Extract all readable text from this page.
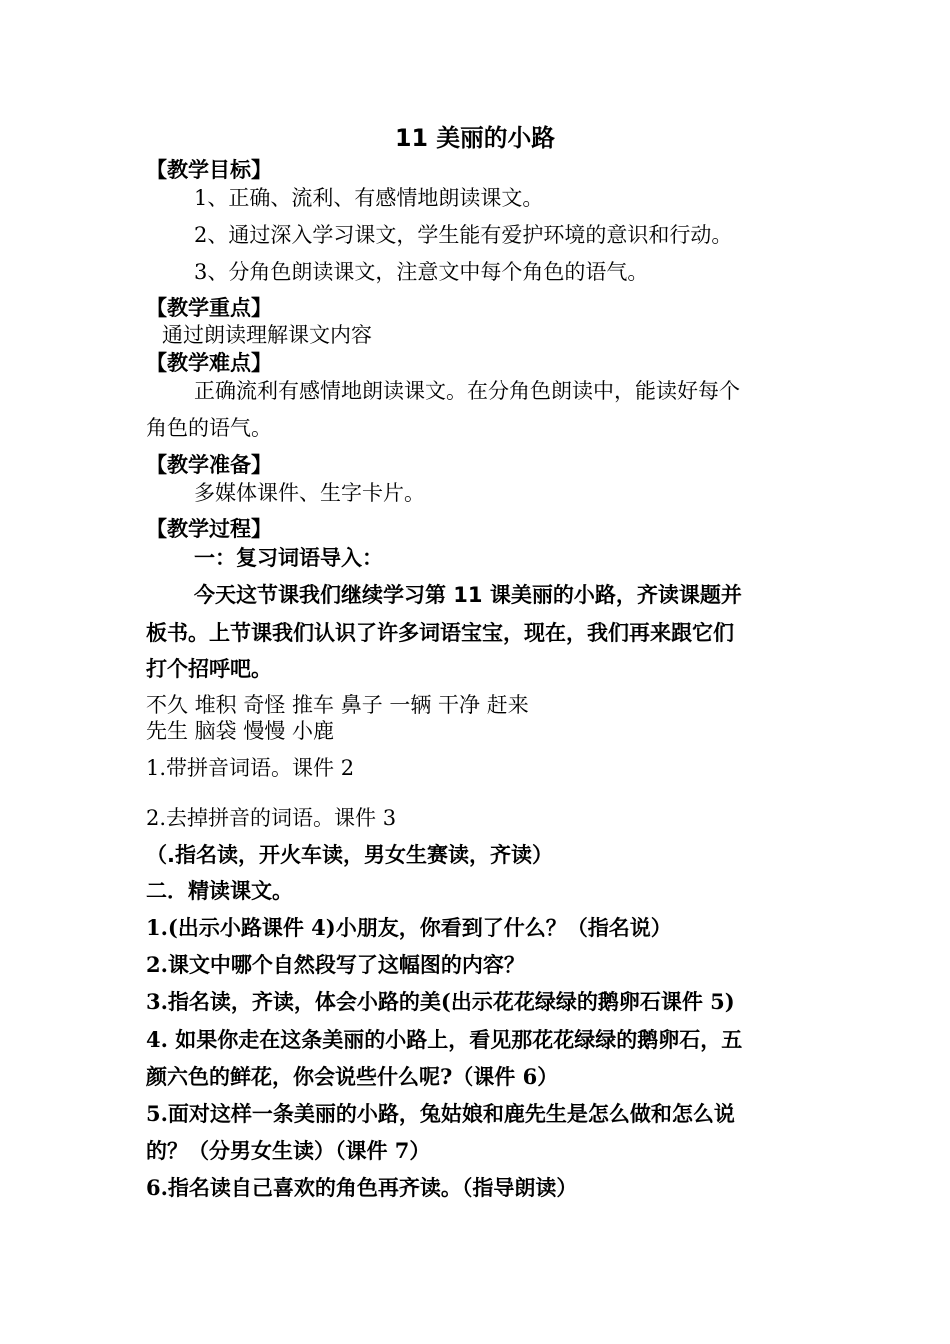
11 美丽的小路
【教学目标】
1、正确、流利、有感情地朗读课文。
2、通过深入学习课文，学生能有爱护环境的意识和行动。
3、分角色朗读课文，注意文中每个角色的语气。
【教学重点】
通过朗读理解课文内容
【教学难点】
正确流利有感情地朗读课文。在分角色朗读中，能读好每个
角色的语气。
【教学准备】
多媒体课件、生字卡片。
【教学过程】
一：复习词语导入：
今天这节课我们继续学习第 11 课美丽的小路，齐读课题并
板书。上节课我们认识了许多词语宝宝，现在，我们再来跟它们
打个招呼吧。
不久 堆积 奇怪 推车 鼻子 一辆 干净 赶来
先生 脑袋 慢慢 小鹿
1.带拼音词语。课件 2
2.去掉拼音的词语。课件 3
（.指名读，开火车读，男女生赛读，齐读）
二．精读课文。
1.(出示小路课件 4)小朋友，你看到了什么？（指名说）
2.课文中哪个自然段写了这幅图的内容？
3.指名读，齐读，体会小路的美(出示花花绿绿的鹅卵石课件 5)
4. 如果你走在这条美丽的小路上，看见那花花绿绿的鹅卵石，五
颜六色的鲜花，你会说些什么呢?（课件 6）
5.面对这样一条美丽的小路，兔姑娘和鹿先生是怎么做和怎么说
的？（分男女生读）（课件 7）
6.指名读自己喜欢的角色再齐读。（指导朗读）
